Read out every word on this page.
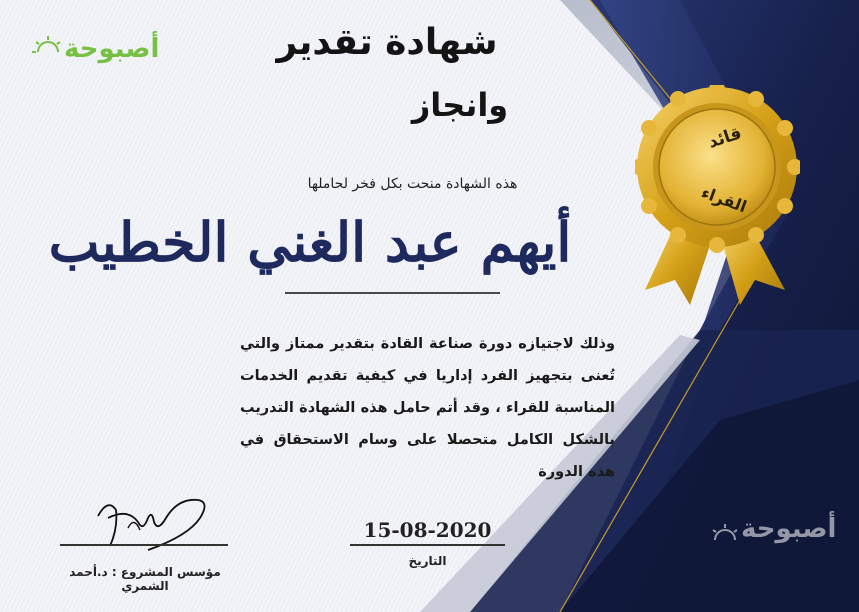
أصبوحة	شهادة تقدير
وانجاز
هذه الشهادة منحت بكل فخر لحاملها
أيهم عبد الغني الخطيب

وذلك لاجتيازه دورة صناعة القادة بتقدير ممتاز والتي تُعنى بتجهيز الفرد إداريا في كيفية تقديم الخدمات المناسبة للقراء ، وقد أتم حامل هذه الشهادة التدريب بالشكل الكامل متحصلا على وسام الاستحقاق في هذه الدورة

قائد
القراء
مؤسس المشروع : د.أحمد الشمري
15-08-2020
التاريخ
أصبوحة
